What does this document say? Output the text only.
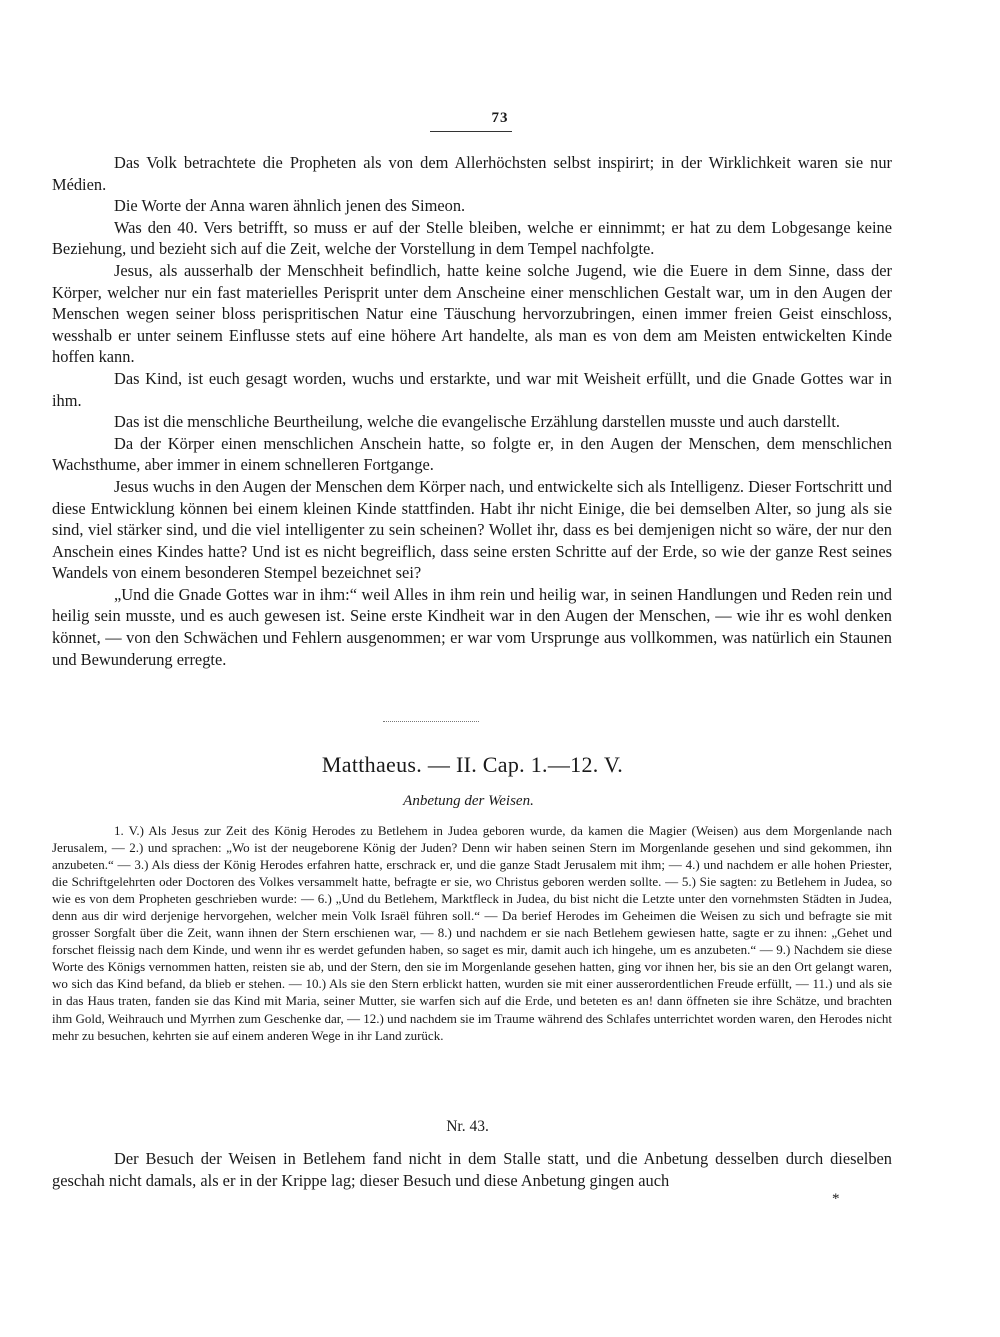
73

Das Volk betrachtete die Propheten als von dem Allerhöchsten selbst inspirirt; in der Wirklichkeit waren sie nur Médien.

Die Worte der Anna waren ähnlich jenen des Simeon.

Was den 40. Vers betrifft, so muss er auf der Stelle bleiben, welche er einnimmt; er hat zu dem Lobgesange keine Beziehung, und bezieht sich auf die Zeit, welche der Vorstellung in dem Tempel nachfolgte.

Jesus, als ausserhalb der Menschheit befindlich, hatte keine solche Jugend, wie die Euere in dem Sinne, dass der Körper, welcher nur ein fast materielles Perisprit unter dem Anscheine einer menschlichen Gestalt war, um in den Augen der Menschen wegen seiner bloss perispritischen Natur eine Täuschung hervorzubringen, einen immer freien Geist einschloss, wesshalb er unter seinem Einflusse stets auf eine höhere Art handelte, als man es von dem am Meisten entwickelten Kinde hoffen kann.

Das Kind, ist euch gesagt worden, wuchs und erstarkte, und war mit Weisheit erfüllt, und die Gnade Gottes war in ihm.

Das ist die menschliche Beurtheilung, welche die evangelische Erzählung darstellen musste und auch darstellt.

Da der Körper einen menschlichen Anschein hatte, so folgte er, in den Augen der Menschen, dem menschlichen Wachsthume, aber immer in einem schnelleren Fortgange.

Jesus wuchs in den Augen der Menschen dem Körper nach, und entwickelte sich als Intelligenz. Dieser Fortschritt und diese Entwicklung können bei einem kleinen Kinde stattfinden. Habt ihr nicht Einige, die bei demselben Alter, so jung als sie sind, viel stärker sind, und die viel intelligenter zu sein scheinen? Wollet ihr, dass es bei demjenigen nicht so wäre, der nur den Anschein eines Kindes hatte? Und ist es nicht begreiflich, dass seine ersten Schritte auf der Erde, so wie der ganze Rest seines Wandels von einem besonderen Stempel bezeichnet sei?

„Und die Gnade Gottes war in ihm:“ weil Alles in ihm rein und heilig war, in seinen Handlungen und Reden rein und heilig sein musste, und es auch gewesen ist. Seine erste Kindheit war in den Augen der Menschen, — wie ihr es wohl denken könnet, — von den Schwächen und Fehlern ausgenommen; er war vom Ursprunge aus vollkommen, was natürlich ein Staunen und Bewunderung erregte.

Matthaeus. — II. Cap. 1.—12. V.
Anbetung der Weisen.

1. V.) Als Jesus zur Zeit des König Herodes zu Betlehem in Judea geboren wurde, da kamen die Magier (Weisen) aus dem Morgenlande nach Jerusalem, — 2.) und sprachen: „Wo ist der neugeborene König der Juden? Denn wir haben seinen Stern im Morgenlande gesehen und sind gekommen, ihn anzubeten.“ — 3.) Als diess der König Herodes erfahren hatte, erschrack er, und die ganze Stadt Jerusalem mit ihm; — 4.) und nachdem er alle hohen Priester, die Schriftgelehrten oder Doctoren des Volkes versammelt hatte, befragte er sie, wo Christus geboren werden sollte. — 5.) Sie sagten: zu Betlehem in Judea, so wie es von dem Propheten geschrieben wurde: — 6.) „Und du Betlehem, Marktfleck in Judea, du bist nicht die Letzte unter den vornehmsten Städten in Judea, denn aus dir wird derjenige hervorgehen, welcher mein Volk Israël führen soll.“ — Da berief Herodes im Geheimen die Weisen zu sich und befragte sie mit grosser Sorgfalt über die Zeit, wann ihnen der Stern erschienen war, — 8.) und nachdem er sie nach Betlehem gewiesen hatte, sagte er zu ihnen: „Gehet und forschet fleissig nach dem Kinde, und wenn ihr es werdet gefunden haben, so saget es mir, damit auch ich hingehe, um es anzubeten.“ — 9.) Nachdem sie diese Worte des Königs vernommen hatten, reisten sie ab, und der Stern, den sie im Morgenlande gesehen hatten, ging vor ihnen her, bis sie an den Ort gelangt waren, wo sich das Kind befand, da blieb er stehen. — 10.) Als sie den Stern erblickt hatten, wurden sie mit einer ausserordentlichen Freude erfüllt, — 11.) und als sie in das Haus traten, fanden sie das Kind mit Maria, seiner Mutter, sie warfen sich auf die Erde, und beteten es an! dann öffneten sie ihre Schätze, und brachten ihm Gold, Weihrauch und Myrrhen zum Geschenke dar, — 12.) und nachdem sie im Traume während des Schlafes unterrichtet worden waren, den Herodes nicht mehr zu besuchen, kehrten sie auf einem anderen Wege in ihr Land zurück.

Nr. 43.

Der Besuch der Weisen in Betlehem fand nicht in dem Stalle statt, und die Anbetung desselben durch dieselben geschah nicht damals, als er in der Krippe lag; dieser Besuch und diese Anbetung gingen auch

*
